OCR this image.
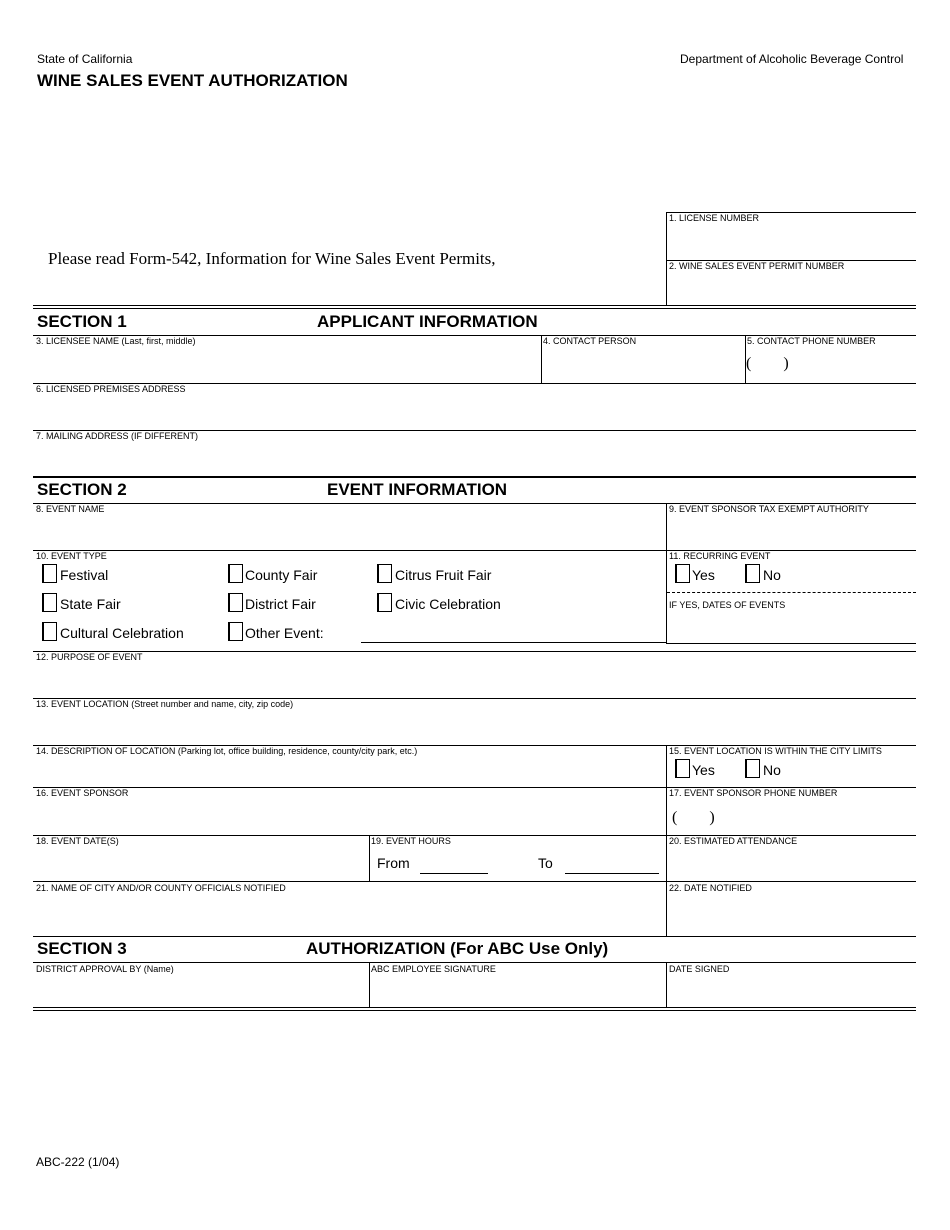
State of California	Department of Alcoholic Beverage Control
WINE SALES EVENT AUTHORIZATION
Please read Form-542, Information for Wine Sales Event Permits,
1. LICENSE NUMBER
2. WINE SALES EVENT PERMIT NUMBER
SECTION 1	APPLICANT INFORMATION
3. LICENSEE NAME (Last, first, middle)	4. CONTACT PERSON	5. CONTACT PHONE NUMBER
(        )
6. LICENSED PREMISES ADDRESS
7. MAILING ADDRESS (IF DIFFERENT)
SECTION 2	EVENT INFORMATION
8. EVENT NAME	9. EVENT SPONSOR TAX EXEMPT AUTHORITY
10. EVENT TYPE
Festival	County Fair	Citrus Fruit Fair
State Fair	District Fair	Civic Celebration
Cultural Celebration	Other Event:
11. RECURRING EVENT
Yes	No
IF YES, DATES OF EVENTS
12. PURPOSE OF EVENT
13. EVENT LOCATION (Street number and name, city, zip code)
14. DESCRIPTION OF LOCATION (Parking lot, office building, residence, county/city park, etc.)	15. EVENT LOCATION IS WITHIN THE CITY LIMITS
Yes	No
16. EVENT SPONSOR	17. EVENT SPONSOR PHONE NUMBER
(        )
18. EVENT DATE(S)	19. EVENT HOURS
From	To
20. ESTIMATED ATTENDANCE
21. NAME OF CITY AND/OR COUNTY OFFICIALS NOTIFIED	22. DATE NOTIFIED
SECTION 3	AUTHORIZATION (For ABC Use Only)
DISTRICT APPROVAL BY (Name)	ABC EMPLOYEE SIGNATURE	DATE SIGNED
ABC-222 (1/04)
